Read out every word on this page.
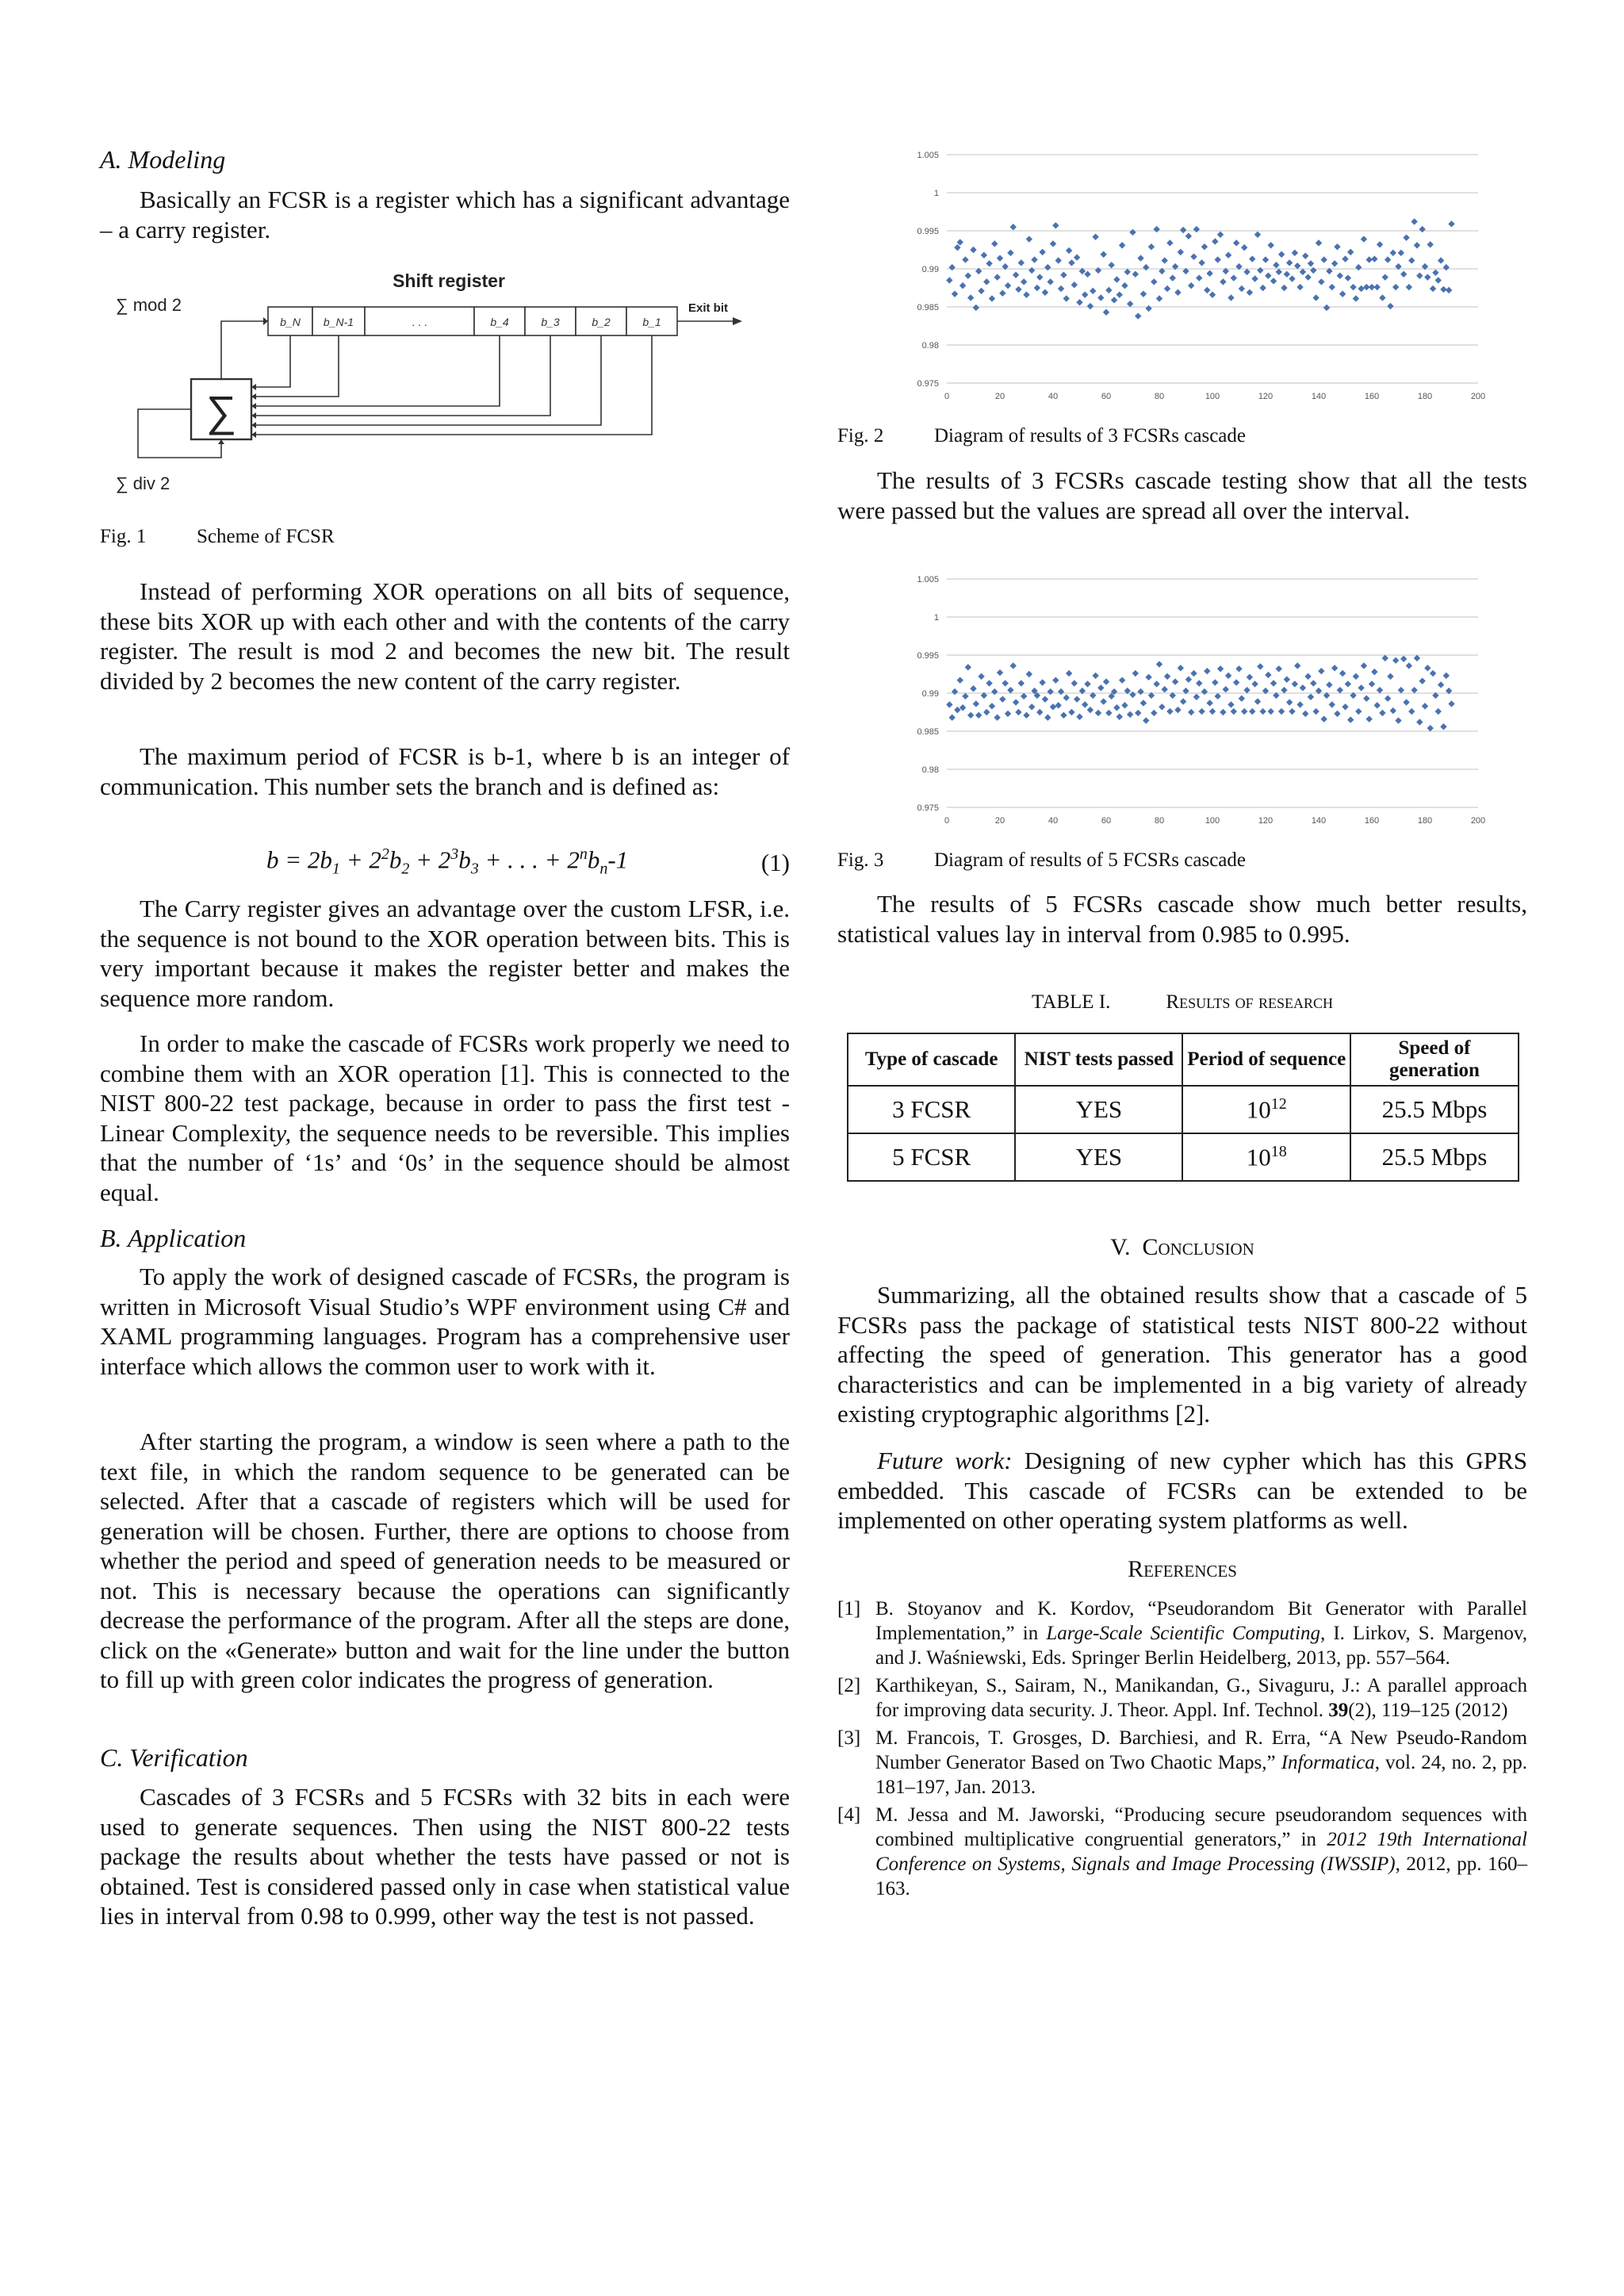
A. Modeling

Basically an FCSR is a register which has a significant advantage – a carry register.

Shift register
∑ mod 2
b_N b_N-1	. . .	b_4	b_3	b_2	b_1
Exit bit
∑
∑ div 2
Fig. 1	Scheme of FCSR

Instead of performing XOR operations on all bits of sequence, these bits XOR up with each other and with the contents of the carry register. The result is mod 2 and becomes the new bit. The result divided by 2 becomes the new content of the carry register.

The maximum period of FCSR is b-1, where b is an integer of communication. This number sets the branch and is defined as:

$b = 2b_1 + 2^2b_2 + 2^3b_3$ + . . . + $2^nb_n-1$	(1)

The Carry register gives an advantage over the custom LFSR, i.e. the sequence is not bound to the XOR operation between bits. This is very important because it makes the register better and makes the sequence more random.

In order to make the cascade of FCSRs work properly we need to combine them with an XOR operation [1]. This is connected to the NIST 800-22 test package, because in order to pass the first test - Linear Complexity, the sequence needs to be reversible. This implies that the number of ‘1s’ and ‘0s’ in the sequence should be almost equal.

B. Application

To apply the work of designed cascade of FCSRs, the program is written in Microsoft Visual Studio’s WPF environment using C# and XAML programming languages. Program has a comprehensive user interface which allows the common user to work with it.

After starting the program, a window is seen where a path to the text file, in which the random sequence to be generated can be selected. After that a cascade of registers which will be used for generation will be chosen. Further, there are options to choose from whether the period and speed of generation needs to be measured or not. This is necessary because the operations can significantly decrease the performance of the program. After all the steps are done, click on the «Generate» button and wait for the line under the button to fill up with green color indicates the progress of generation.

C. Verification

Cascades of 3 FCSRs and 5 FCSRs with 32 bits in each were used to generate sequences. Then using the NIST 800-22 tests package the results about whether the tests have passed or not is obtained. Test is considered passed only in case when statistical value lies in interval from 0.98 to 0.999, other way the test is not passed.

0.975
0.98
0.985
0.99
0.995
1
1.005
0	20	40	60	80	100	120	140	160	180	200
Fig. 2	Diagram of results of 3 FCSRs cascade

The results of 3 FCSRs cascade testing show that all the tests were passed but the values are spread all over the interval.

0.975
0.98
0.985
0.99
0.995
1
1.005
0	20	40	60	80	100	120	140	160	180	200
Fig. 3	Diagram of results of 5 FCSRs cascade

The results of 5 FCSRs cascade show much better results, statistical values lay in interval from 0.985 to 0.995.

TABLE I.	Results of research
Type of cascade	NIST tests passed	Period of sequence	Speed of generation
3 FCSR	YES	$10^{12}$	25.5 Mbps
5 FCSR	YES	$10^{18}$	25.5 Mbps
V. Conclusion

Summarizing, all the obtained results show that a cascade of 5 FCSRs pass the package of statistical tests NIST 800-22 without affecting the speed of generation. This generator has a good characteristics and can be implemented in a big variety of already existing cryptographic algorithms [2].

Future work: Designing of new cypher which has this GPRS embedded. This cascade of FCSRs can be extended to be implemented on other operating system platforms as well.

References
[1] B. Stoyanov and K. Kordov, “Pseudorandom Bit Generator with Parallel Implementation,” in Large-Scale Scientific Computing, I. Lirkov, S. Margenov, and J. Waśniewski, Eds. Springer Berlin Heidelberg, 2013, pp. 557–564.
[2] Karthikeyan, S., Sairam, N., Manikandan, G., Sivaguru, J.: A parallel approach for improving data security. J. Theor. Appl. Inf. Technol. 39(2), 119–125 (2012)
[3] M. Francois, T. Grosges, D. Barchiesi, and R. Erra, “A New Pseudo-Random Number Generator Based on Two Chaotic Maps,” Informatica, vol. 24, no. 2, pp. 181–197, Jan. 2013.
[4] M. Jessa and M. Jaworski, “Producing secure pseudorandom sequences with combined multiplicative congruential generators,” in 2012 19th International Conference on Systems, Signals and Image Processing (IWSSIP), 2012, pp. 160–163.
